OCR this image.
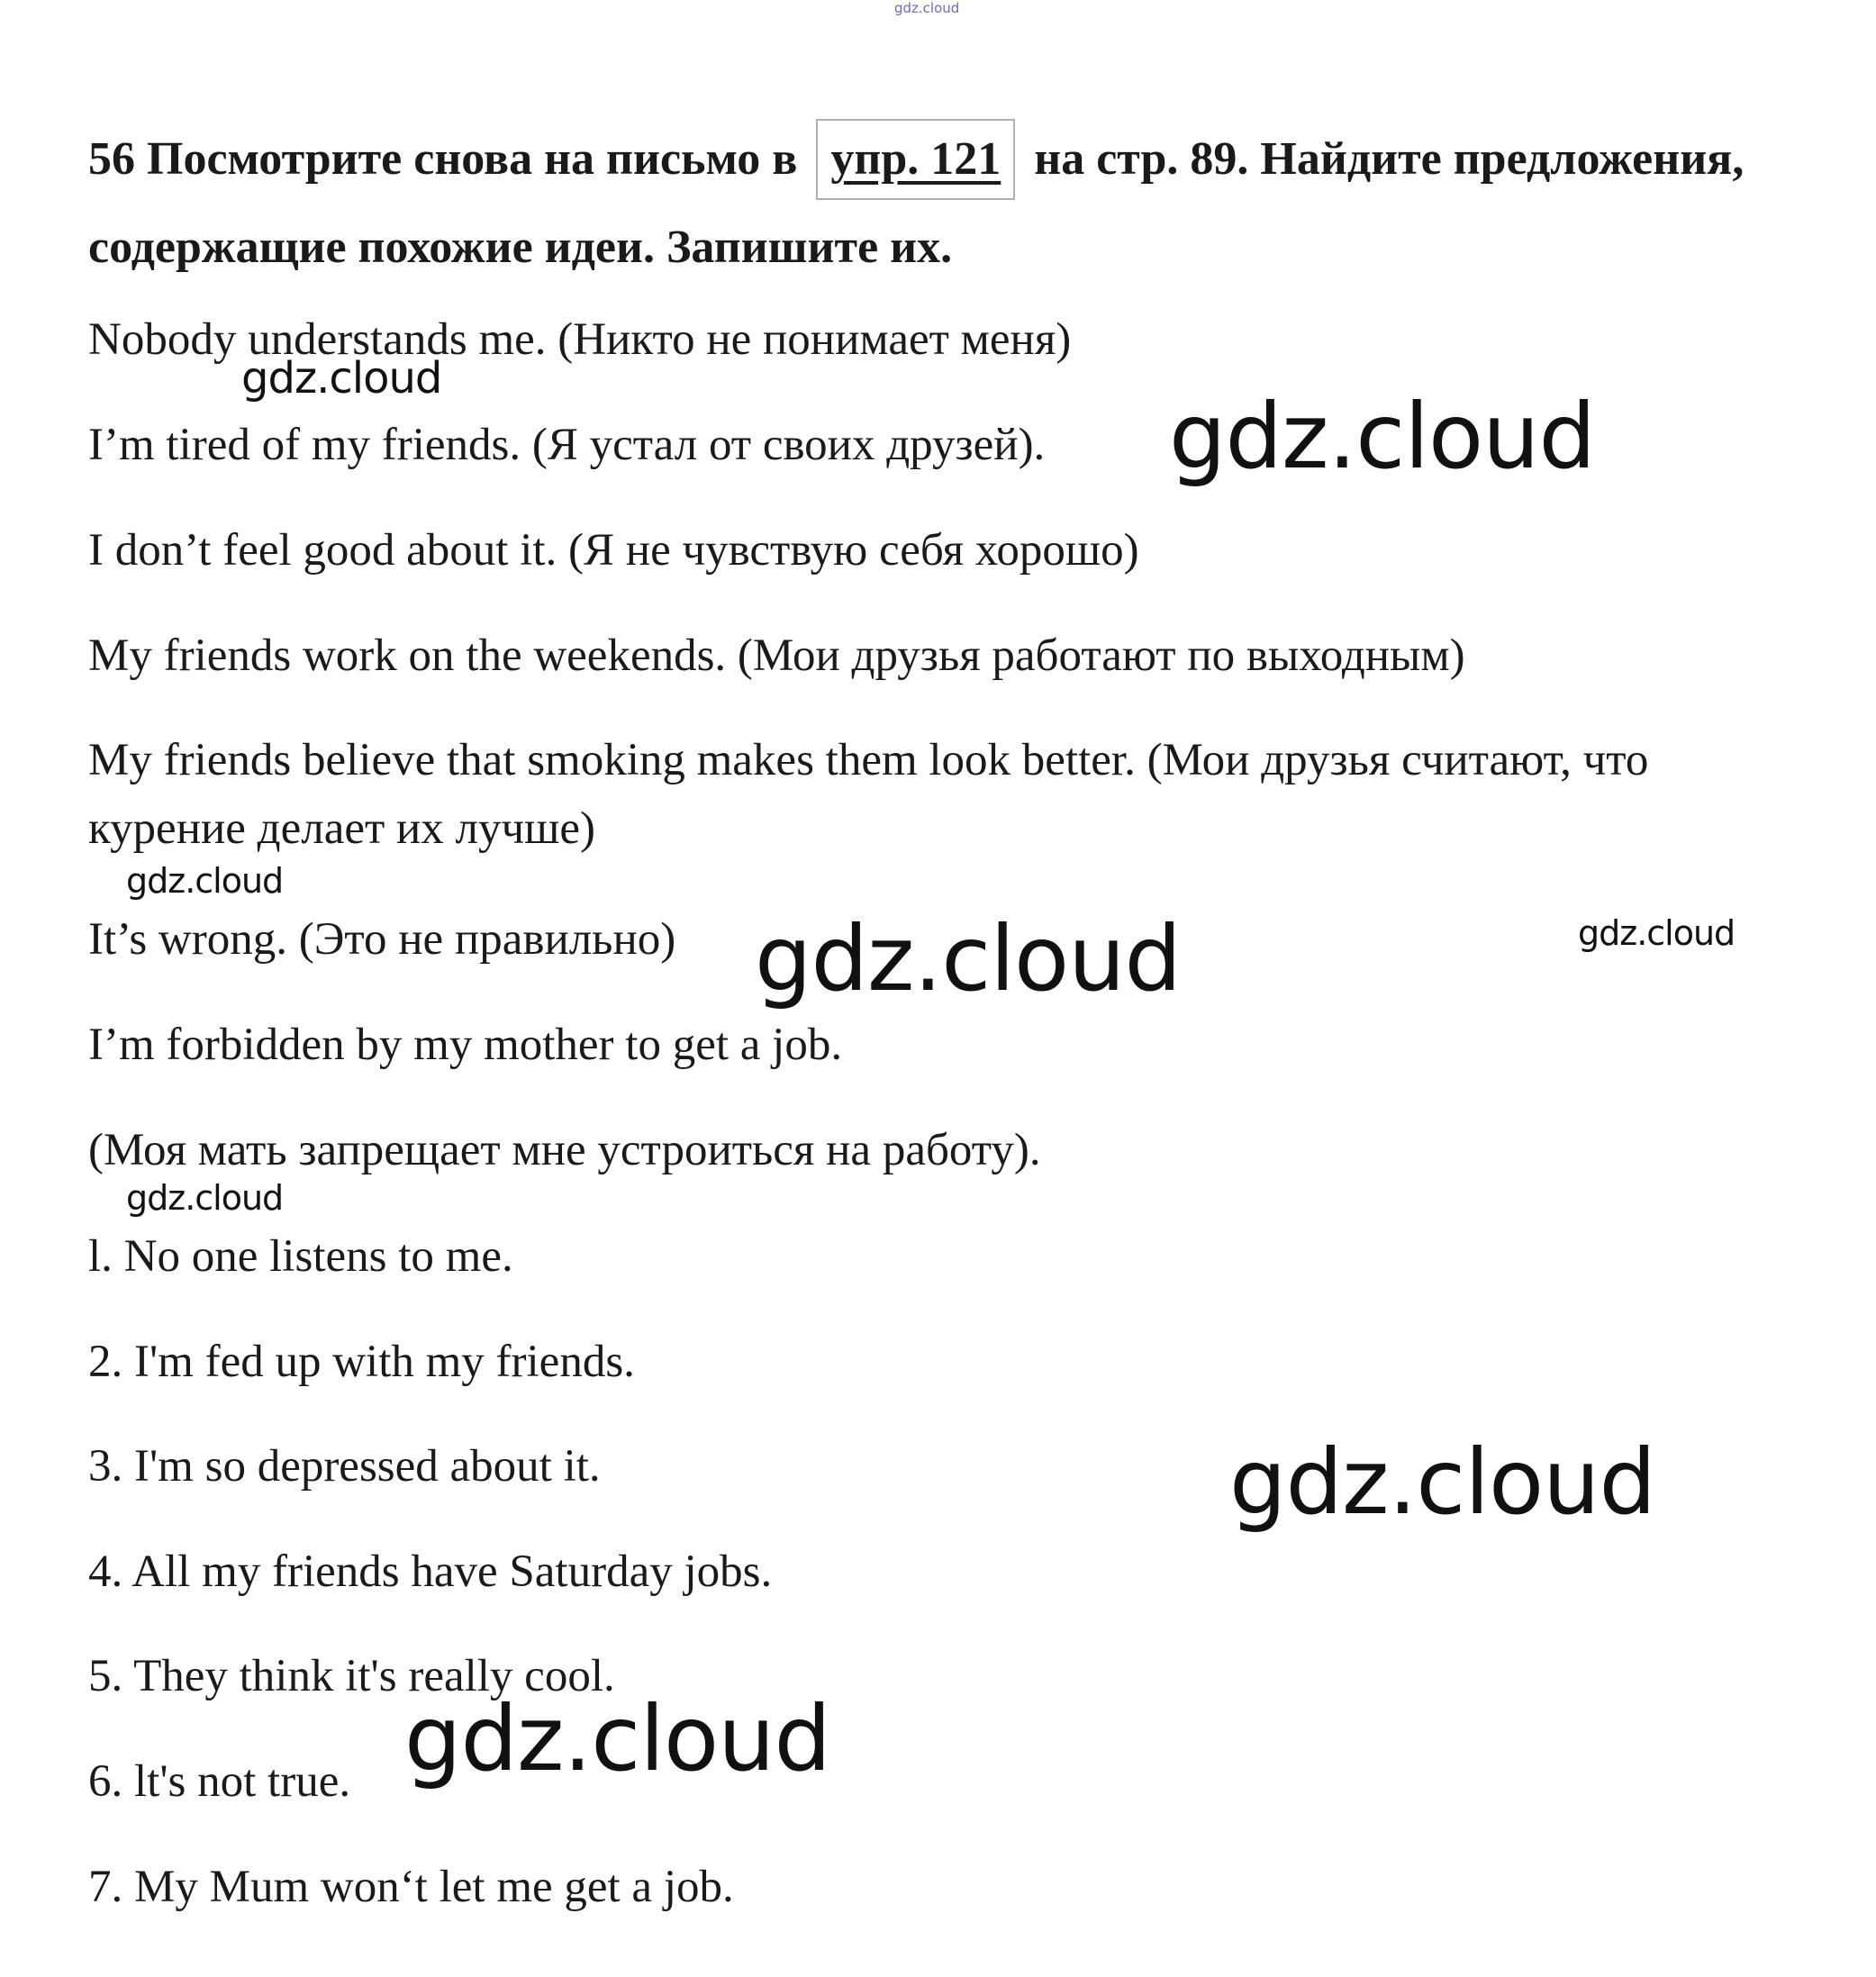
gdz.cloud
56 Посмотрите снова на письмо в упр. 121 на стр. 89. Найдите предложения, содержащие похожие идеи. Запишите их.
Nobody understands me. (Никто не понимает меня)
I’m tired of my friends. (Я устал от своих друзей).
I don’t feel good about it. (Я не чувствую себя хорошо)
My friends work on the weekends. (Мои друзья работают по выходным)
My friends believe that smoking makes them look better. (Мои друзья считают, что курение делает их лучше)
It’s wrong. (Это не правильно)
I’m forbidden by my mother to get a job.
(Моя мать запрещает мне устроиться на работу).
l. No one listens to me.
2. I'm fed up with my friends.
3. I'm so depressed about it.
4. All my friends have Saturday jobs.
5. They think it's really cool.
6. lt's not true.
7. My Mum won‘t let me get a job.
gdz.cloud
gdz.cloud
gdz.cloud
gdz.cloud	gdz.cloud
gdz.cloud
gdz.cloud
gdz.cloud
